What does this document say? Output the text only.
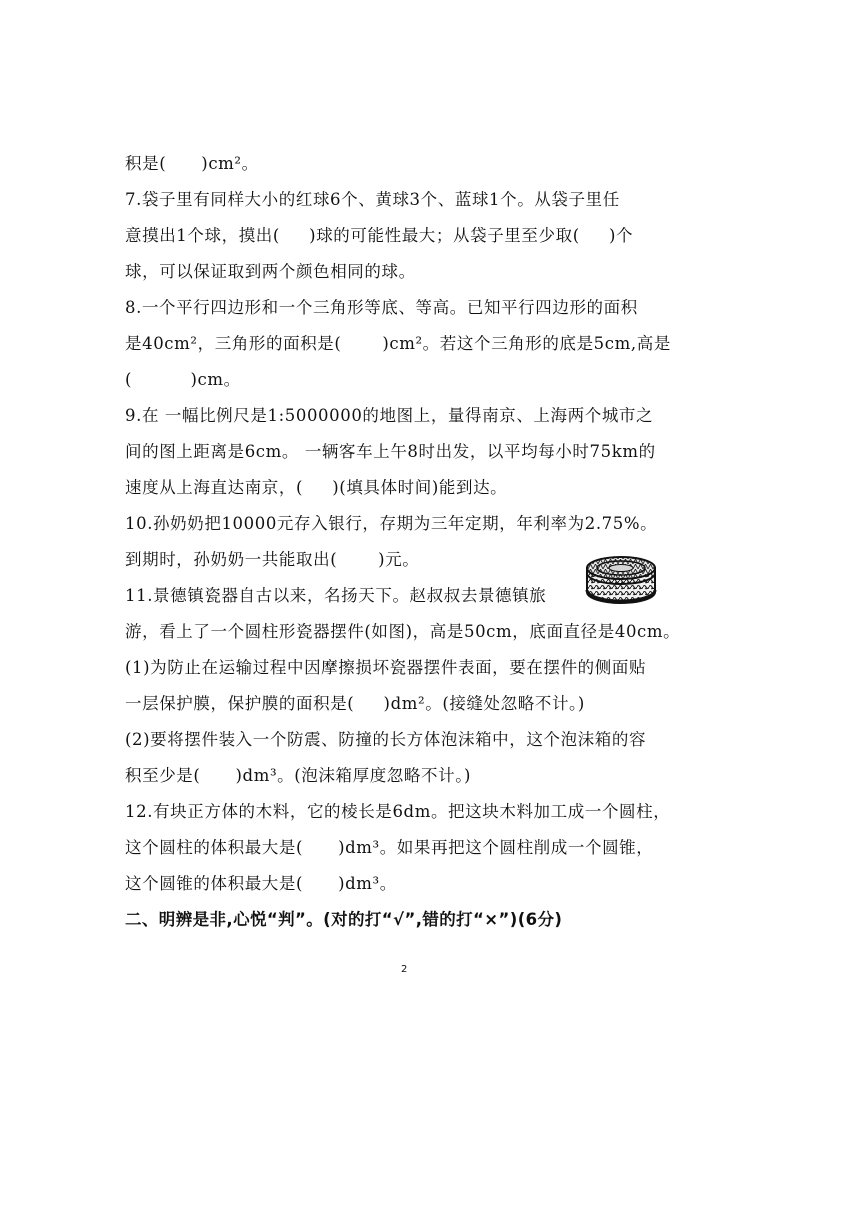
积是(      )cm²。
7.袋子里有同样大小的红球6个、黄球3个、蓝球1个。从袋子里任
意摸出1个球，摸出(     )球的可能性最大；从袋子里至少取(     )个
球，可以保证取到两个颜色相同的球。
8.一个平行四边形和一个三角形等底、等高。已知平行四边形的面积
是40cm²，三角形的面积是(       )cm²。若这个三角形的底是5cm,高是
(          )cm。
9.在 一幅比例尺是1:5000000的地图上，量得南京、上海两个城市之
间的图上距离是6cm。 一辆客车上午8时出发，以平均每小时75km的
速度从上海直达南京，(     )(填具体时间)能到达。
10.孙奶奶把10000元存入银行，存期为三年定期，年利率为2.75%。
到期时，孙奶奶一共能取出(       )元。
11.景德镇瓷器自古以来，名扬天下。赵叔叔去景德镇旅
游，看上了一个圆柱形瓷器摆件(如图)，高是50cm，底面直径是40cm。
(1)为防止在运输过程中因摩擦损坏瓷器摆件表面，要在摆件的侧面贴
一层保护膜，保护膜的面积是(     )dm²。(接缝处忽略不计。)
(2)要将摆件装入一个防震、防撞的长方体泡沫箱中，这个泡沫箱的容
积至少是(      )dm³。(泡沫箱厚度忽略不计。)
12.有块正方体的木料，它的棱长是6dm。把这块木料加工成一个圆柱，
这个圆柱的体积最大是(      )dm³。如果再把这个圆柱削成一个圆锥，
这个圆锥的体积最大是(      )dm³。
二、明辨是非,心悦“判”。(对的打“√”,错的打“×”)(6分)
2
